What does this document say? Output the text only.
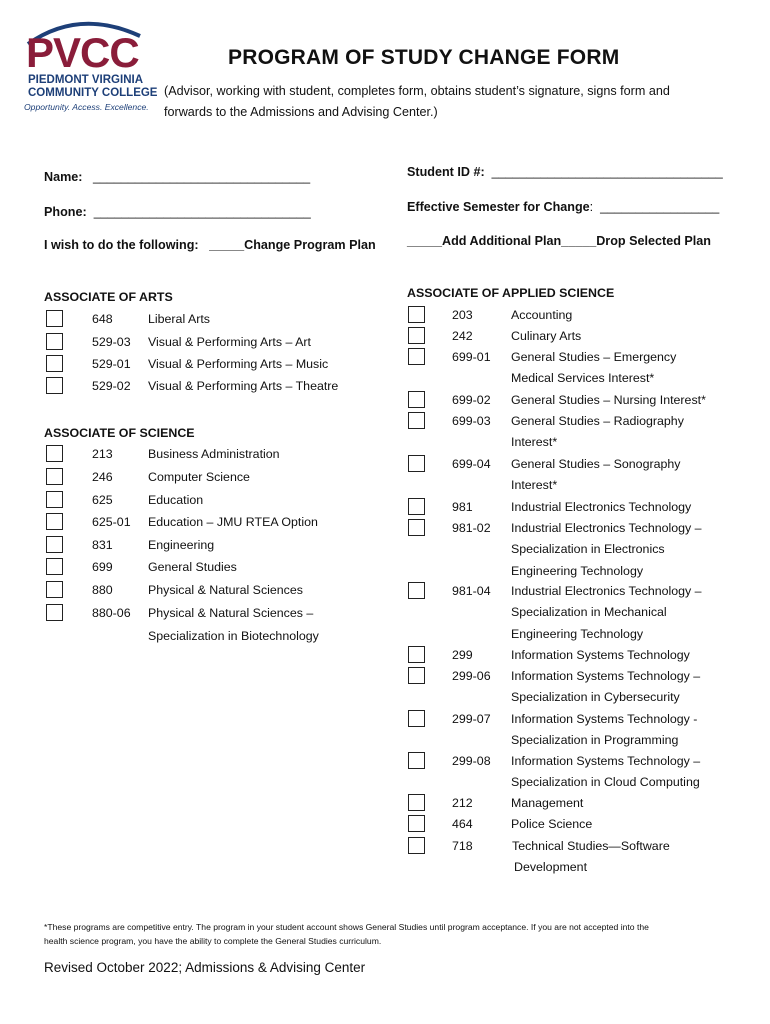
PVCC
PIEDMONT VIRGINIA
COMMUNITY COLLEGE
Opportunity. Access. Excellence.
PROGRAM OF STUDY CHANGE FORM
(Advisor, working with student, completes form, obtains student’s signature, signs form and
forwards to the Admissions and Advising Center.)
Name: _______________________________	Student ID #: _________________________________
Phone: _______________________________	Effective Semester for Change: _________________
I wish to do the following: _____Change Program Plan _____Add Additional Plan_____Drop Selected Plan
ASSOCIATE OF ARTS
ASSOCIATE OF SCIENCE
ASSOCIATE OF APPLIED SCIENCE
648	Liberal Arts
529-03 Visual & Performing Arts – Art
529-01 Visual & Performing Arts – Music
529-02 Visual & Performing Arts – Theatre
213	Business Administration
246	Computer Science
625	Education
625-01 Education – JMU RTEA Option
831	Engineering
699	General Studies
880	Physical & Natural Sciences
880-06 Physical & Natural Sciences –
Specialization in Biotechnology
203	Accounting
242	Culinary Arts
699-01 General Studies – Emergency
Medical Services Interest*
699-02 General Studies – Nursing Interest*
699-03 General Studies – Radiography
Interest*
699-04 General Studies – Sonography
Interest*
981	Industrial Electronics Technology
981-02 Industrial Electronics Technology –
Specialization in Electronics
Engineering Technology
981-04 Industrial Electronics Technology –
Specialization in Mechanical
Engineering Technology
299	Information Systems Technology
299-06 Information Systems Technology –
Specialization in Cybersecurity
299-07 Information Systems Technology -
Specialization in Programming
299-08 Information Systems Technology –
Specialization in Cloud Computing
212	Management
464	Police Science
718	Technical Studies—Software
Development
*These programs are competitive entry. The program in your student account shows General Studies until program acceptance. If you are not accepted into the
health science program, you have the ability to complete the General Studies curriculum.
Revised October 2022; Admissions & Advising Center
